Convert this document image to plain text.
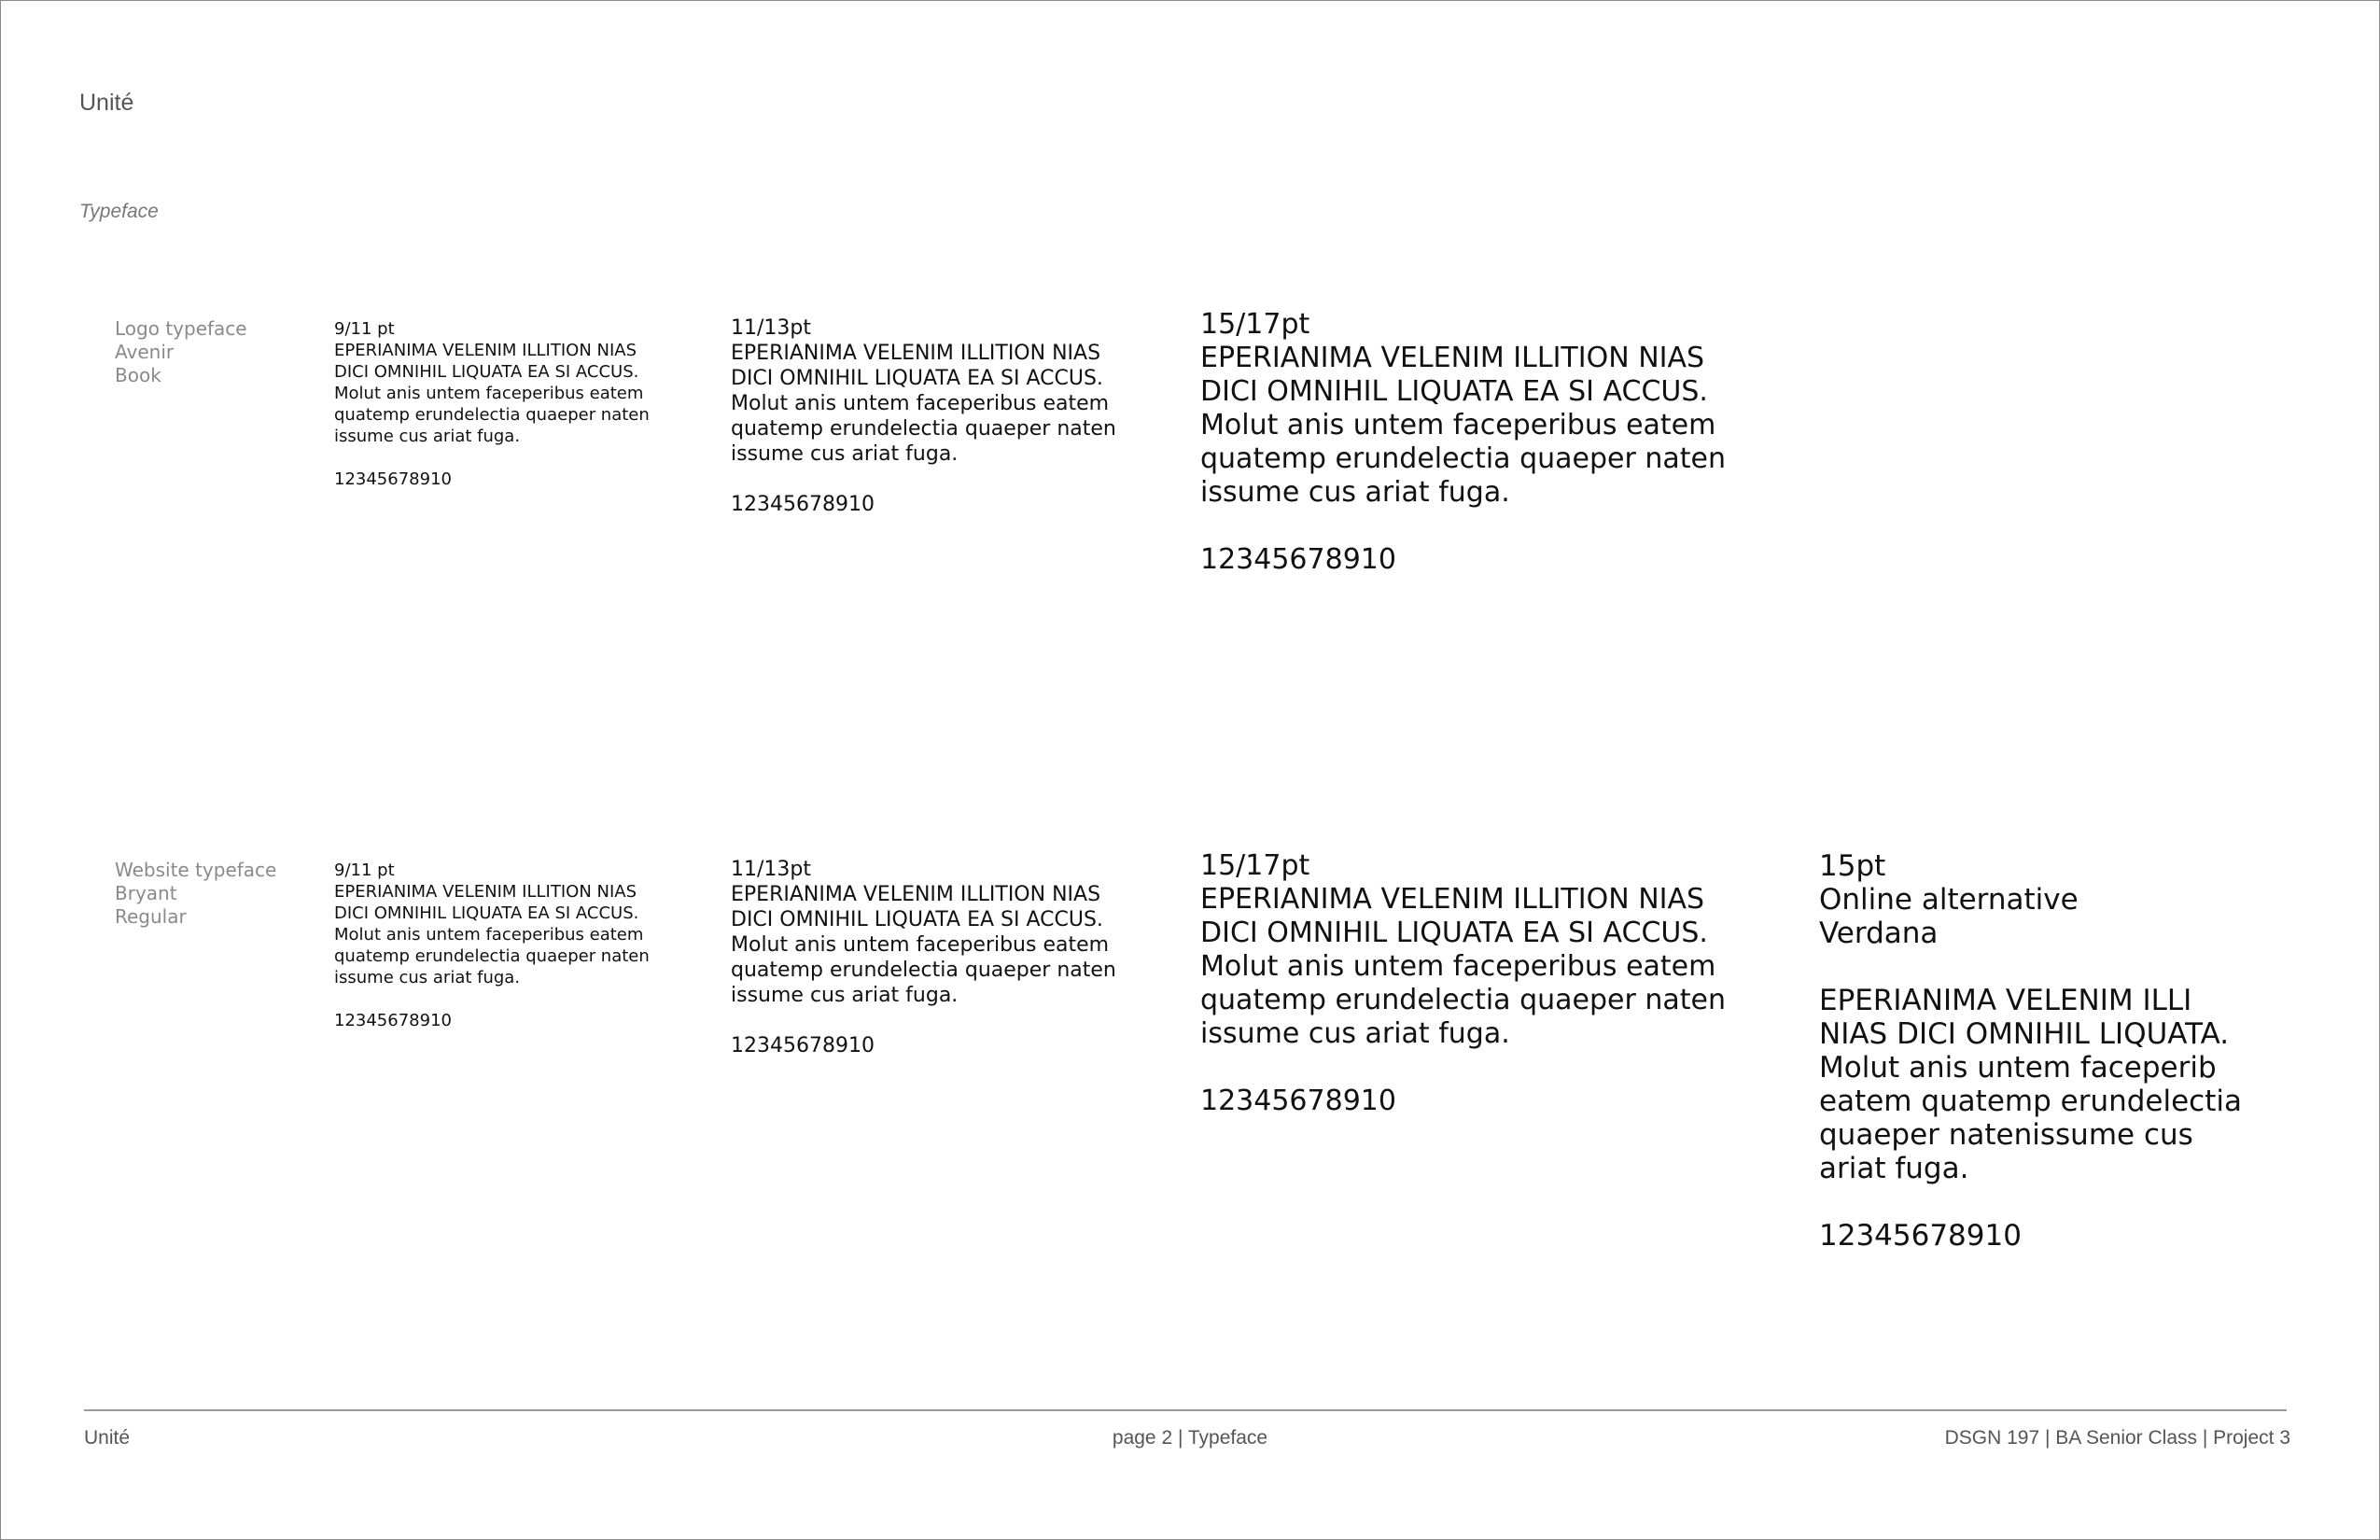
Unité
Typeface
Logo typeface
Avenir
Book
9/11 pt
EPERIANIMA VELENIM ILLITION NIAS
DICI OMNIHIL LIQUATA EA SI ACCUS.
Molut anis untem faceperibus eatem
quatemp erundelectia quaeper naten
issume cus ariat fuga.
12345678910
11/13pt
EPERIANIMA VELENIM ILLITION NIAS
DICI OMNIHIL LIQUATA EA SI ACCUS.
Molut anis untem faceperibus eatem
quatemp erundelectia quaeper naten
issume cus ariat fuga.
12345678910
15/17pt
EPERIANIMA VELENIM ILLITION NIAS
DICI OMNIHIL LIQUATA EA SI ACCUS.
Molut anis untem faceperibus eatem
quatemp erundelectia quaeper naten
issume cus ariat fuga.
12345678910
Website typeface
Bryant
Regular
9/11 pt
EPERIANIMA VELENIM ILLITION NIAS
DICI OMNIHIL LIQUATA EA SI ACCUS.
Molut anis untem faceperibus eatem
quatemp erundelectia quaeper naten
issume cus ariat fuga.
12345678910
11/13pt
EPERIANIMA VELENIM ILLITION NIAS
DICI OMNIHIL LIQUATA EA SI ACCUS.
Molut anis untem faceperibus eatem
quatemp erundelectia quaeper naten
issume cus ariat fuga.
12345678910
15/17pt
EPERIANIMA VELENIM ILLITION NIAS
DICI OMNIHIL LIQUATA EA SI ACCUS.
Molut anis untem faceperibus eatem
quatemp erundelectia quaeper naten
issume cus ariat fuga.
12345678910
15pt
Online alternative
Verdana
EPERIANIMA VELENIM ILLI
NIAS DICI OMNIHIL LIQUATA.
Molut anis untem faceperib
eatem quatemp erundelectia
quaeper natenissume cus
ariat fuga.
12345678910
Unité	page 2 | Typeface	DSGN 197 | BA Senior Class | Project 3
